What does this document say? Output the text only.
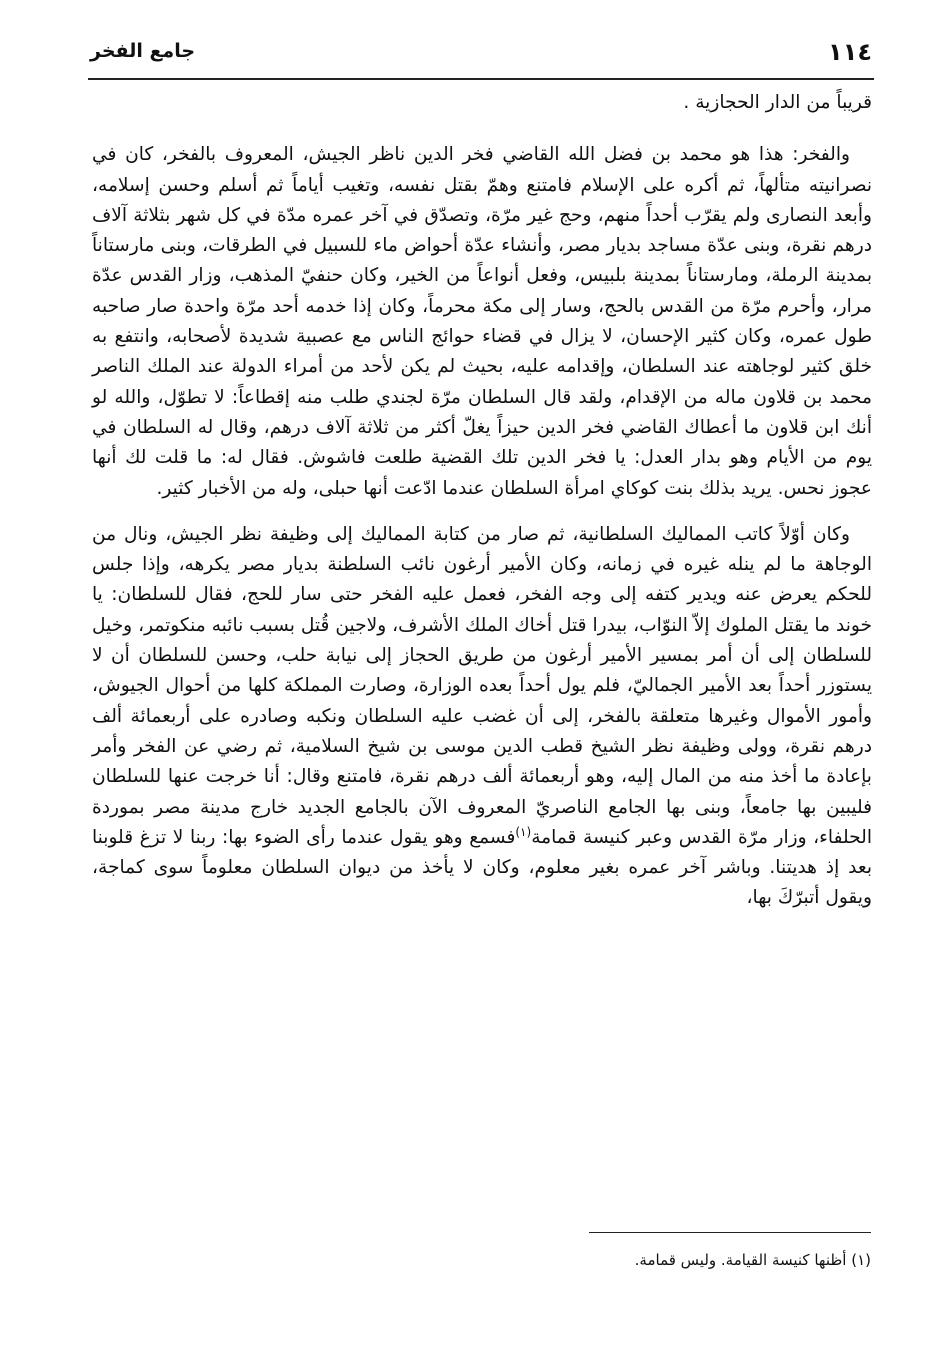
١١٤
جامع الفخر

قريباً من الدار الحجازية .

والفخر: هذا هو محمد بن فضل الله القاضي فخر الدين ناظر الجيش، المعروف بالفخر، كان في نصرانيته متألهاً، ثم أكره على الإسلام فامتنع وهمّ بقتل نفسه، وتغيب أياماً ثم أسلم وحسن إسلامه، وأبعد النصارى ولم يقرّب أحداً منهم، وحج غير مرّة، وتصدّق في آخر عمره مدّة في كل شهر بثلاثة آلاف درهم نقرة، وبنى عدّة مساجد بديار مصر، وأنشاء عدّة أحواض ماء للسبيل في الطرقات، وبنى مارستاناً بمدينة الرملة، ومارستاناً بمدينة بلبيس، وفعل أنواعاً من الخير، وكان حنفيّ المذهب، وزار القدس عدّة مرار، وأحرم مرّة من القدس بالحج، وسار إلى مكة محرماً، وكان إذا خدمه أحد مرّة واحدة صار صاحبه طول عمره، وكان كثير الإحسان، لا يزال في قضاء حوائج الناس مع عصبية شديدة لأصحابه، وانتفع به خلق كثير لوجاهته عند السلطان، وإقدامه عليه، بحيث لم يكن لأحد من أمراء الدولة عند الملك الناصر محمد بن قلاون ماله من الإقدام، ولقد قال السلطان مرّة لجندي طلب منه إقطاعاً: لا تطوّل، والله لو أنك ابن قلاون ما أعطاك القاضي فخر الدين حيزاً يغلّ أكثر من ثلاثة آلاف درهم، وقال له السلطان في يوم من الأيام وهو بدار العدل: يا فخر الدين تلك القضية طلعت فاشوش. فقال له: ما قلت لك أنها عجوز نحس. يريد بذلك بنت كوكاي امرأة السلطان عندما ادّعت أنها حبلى، وله من الأخبار كثير.

وكان أوّلاً كاتب المماليك السلطانية، ثم صار من كتابة المماليك إلى وظيفة نظر الجيش، ونال من الوجاهة ما لم ينله غيره في زمانه، وكان الأمير أرغون نائب السلطنة بديار مصر يكرهه، وإذا جلس للحكم يعرض عنه ويدير كتفه إلى وجه الفخر، فعمل عليه الفخر حتى سار للحج، فقال للسلطان: يا خوند ما يقتل الملوك إلاّ النوّاب، بيدرا قتل أخاك الملك الأشرف، ولاجين قُتل بسبب نائبه منكوتمر، وخيل للسلطان إلى أن أمر بمسير الأمير أرغون من طريق الحجاز إلى نيابة حلب، وحسن للسلطان أن لا يستوزر أحداً بعد الأمير الجماليّ، فلم يول أحداً بعده الوزارة، وصارت المملكة كلها من أحوال الجيوش، وأمور الأموال وغيرها متعلقة بالفخر، إلى أن غضب عليه السلطان ونكبه وصادره على أربعمائة ألف درهم نقرة، وولى وظيفة نظر الشيخ قطب الدين موسى بن شيخ السلامية، ثم رضي عن الفخر وأمر بإعادة ما أخذ منه من المال إليه، وهو أربعمائة ألف درهم نقرة، فامتنع وقال: أنا خرجت عنها للسلطان فليبين بها جامعاً، وبنى بها الجامع الناصريّ المعروف الآن بالجامع الجديد خارج مدينة مصر بموردة الحلفاء، وزار مرّة القدس وعبر كنيسة قمامة$^{(١)}$فسمع وهو يقول عندما رأى الضوء بها: ربنا لا تزغ قلوبنا بعد إذ هديتنا. وباشر آخر عمره بغير معلوم، وكان لا يأخذ من ديوان السلطان معلوماً سوى كماجة، ويقول أتبرّكَ بها،

(١) أظنها كنيسة القيامة. وليس قمامة.
